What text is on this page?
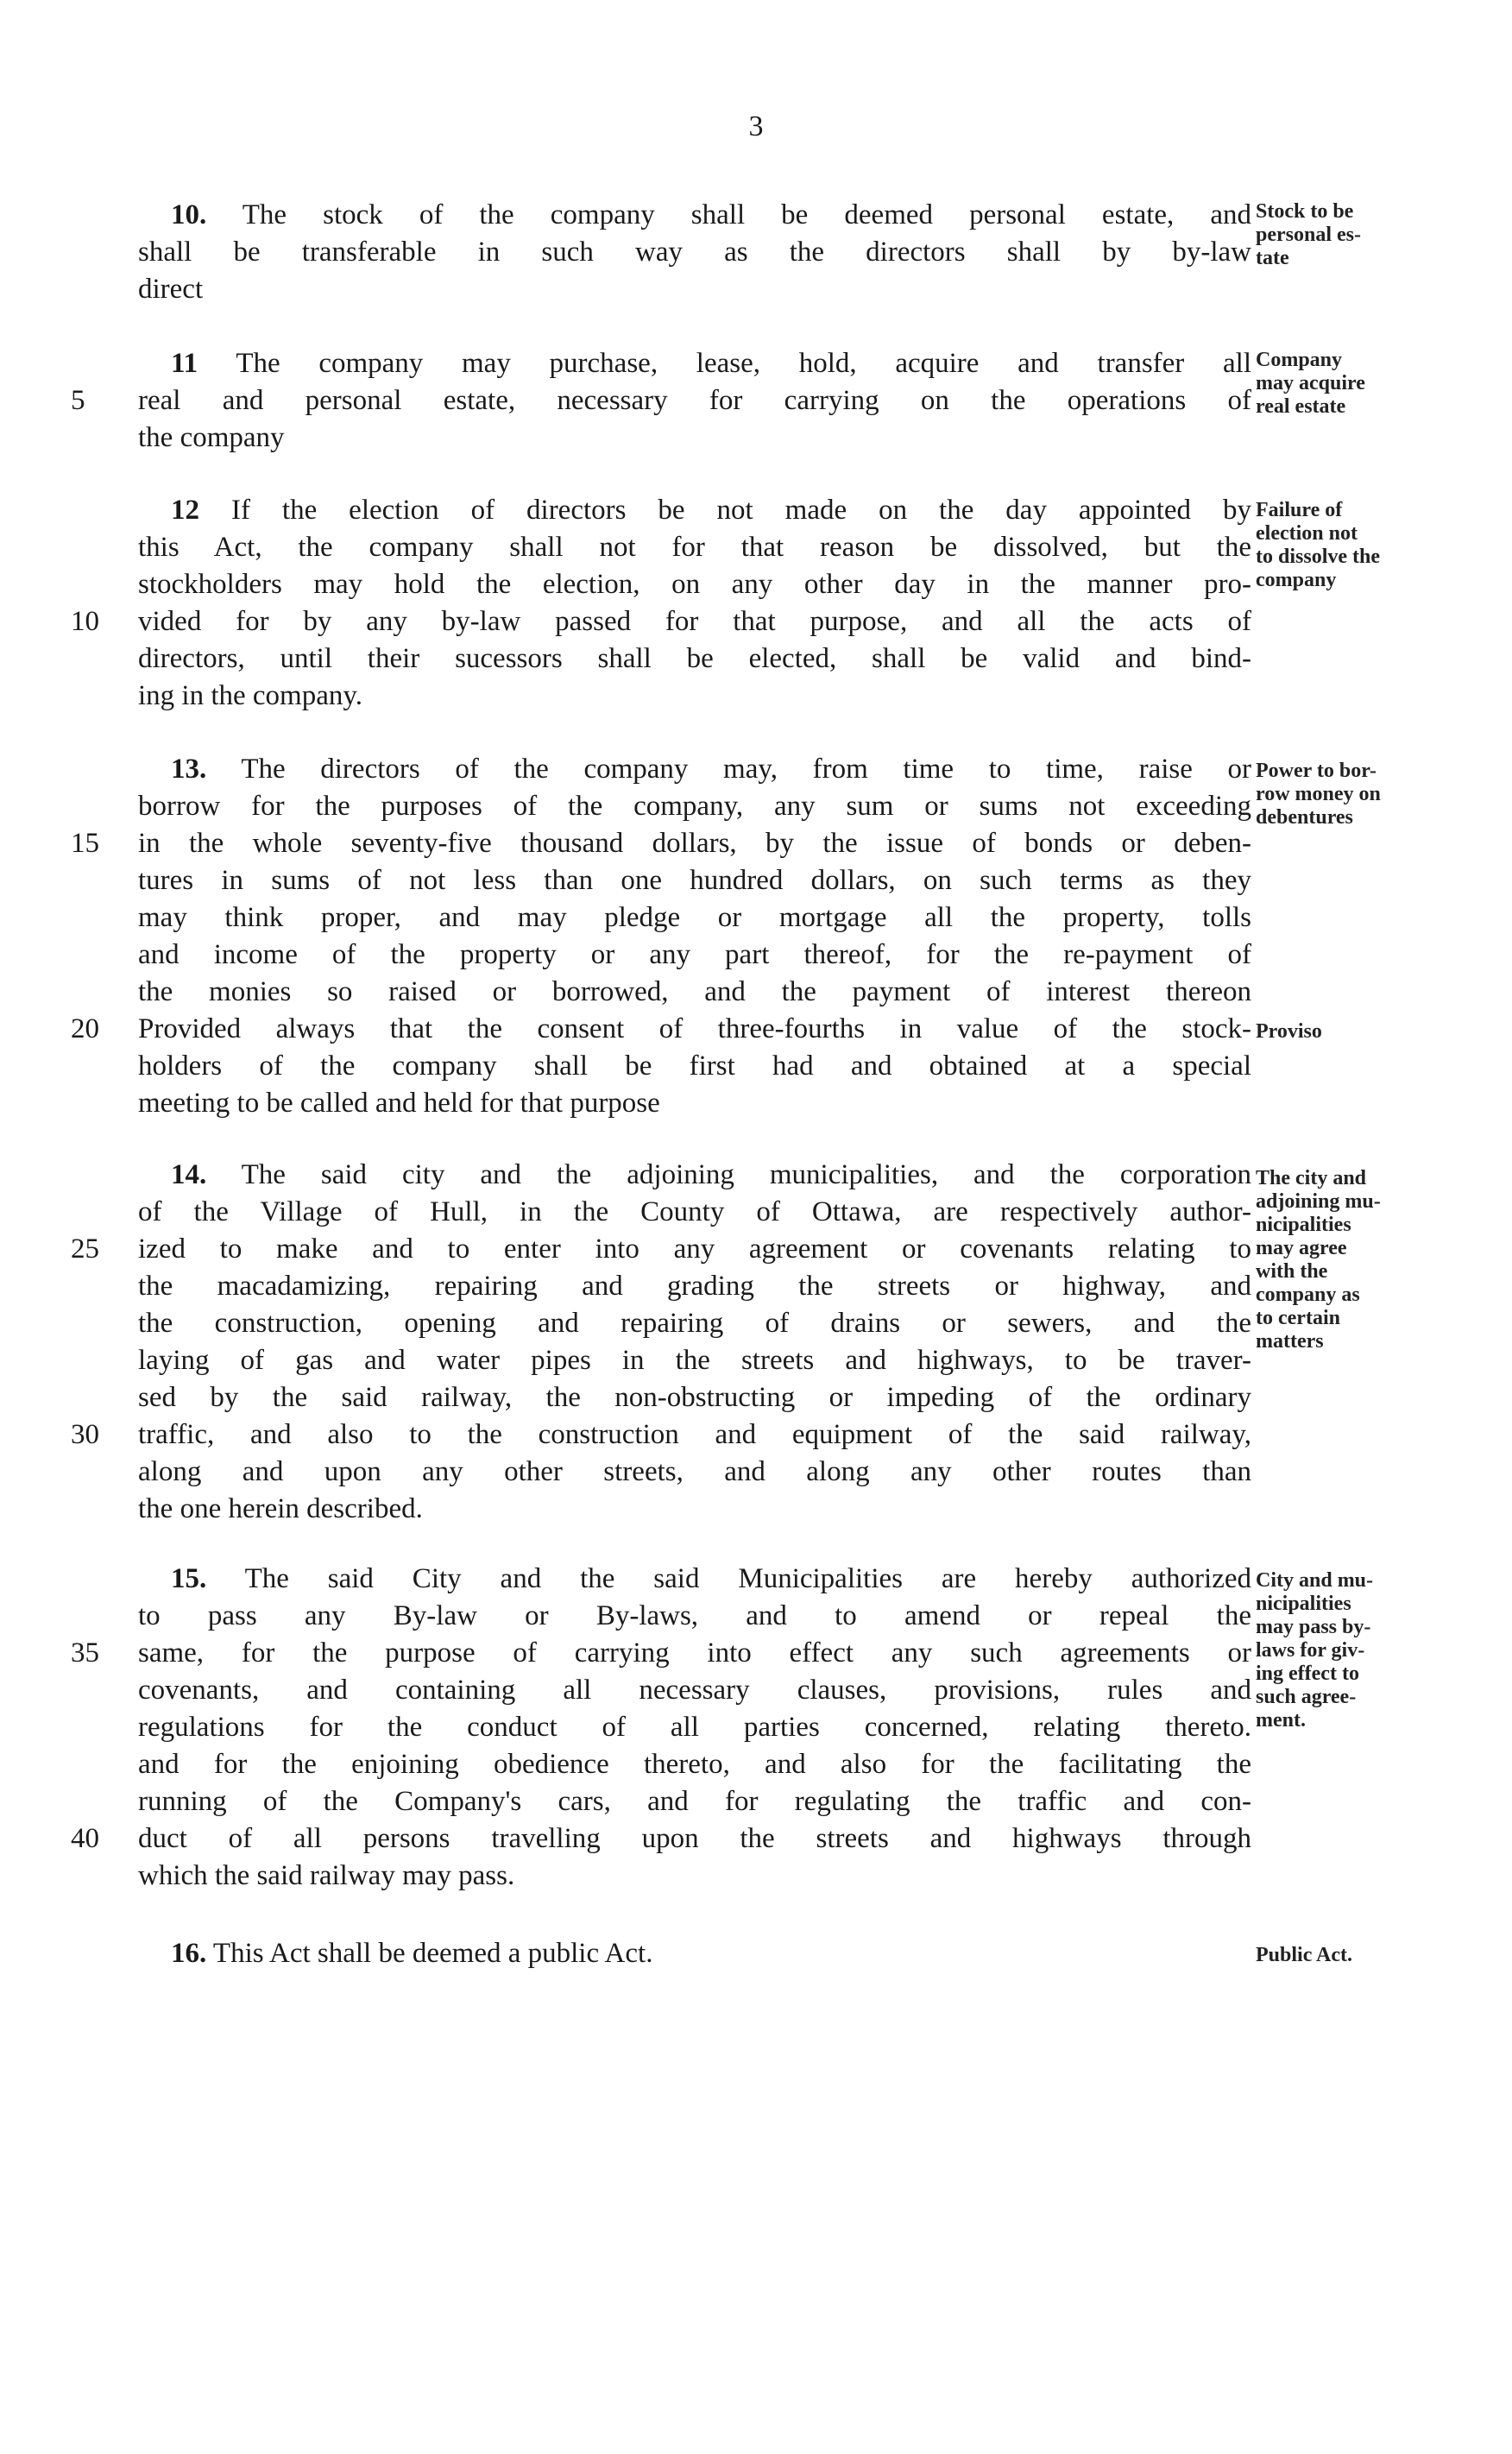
3
10. The stock of the company shall be deemed personal estate, and
shall be transferable in such way as the directors shall by by-law
direct
Stock to be
personal es-
tate
11 The company may purchase, lease, hold, acquire and transfer all
5	real and personal estate, necessary for carrying on the operations of
the company
Company
may acquire
real estate
12 If the election of directors be not made on the day appointed by
this Act, the company shall not for that reason be dissolved, but the
stockholders may hold the election, on any other day in the manner pro-
10	vided for by any by-law passed for that purpose, and all the acts of
directors, until their sucessors shall be elected, shall be valid and bind-
ing in the company.
Failure of
election not
to dissolve the
company
13. The directors of the company may, from time to time, raise or
borrow for the purposes of the company, any sum or sums not exceeding
15	in the whole seventy-five thousand dollars, by the issue of bonds or deben-
tures in sums of not less than one hundred dollars, on such terms as they
may think proper, and may pledge or mortgage all the property, tolls
and income of the property or any part thereof, for the re-payment of
the monies so raised or borrowed, and the payment of interest thereon
20	Provided always that the consent of three-fourths in value of the stock-
holders of the company shall be first had and obtained at a special
meeting to be called and held for that purpose
Power to bor-
row money on
debentures
Proviso
14. The said city and the adjoining municipalities, and the corporation
of the Village of Hull, in the County of Ottawa, are respectively author-
25	ized to make and to enter into any agreement or covenants relating to
the macadamizing, repairing and grading the streets or highway, and
the construction, opening and repairing of drains or sewers, and the
laying of gas and water pipes in the streets and highways, to be traver-
sed by the said railway, the non-obstructing or impeding of the ordinary
30	traffic, and also to the construction and equipment of the said railway,
along and upon any other streets, and along any other routes than
the one herein described.
The city and
adjoining mu-
nicipalities
may agree
with the
company as
to certain
matters
15. The said City and the said Municipalities are hereby authorized
to pass any By-law or By-laws, and to amend or repeal the
35	same, for the purpose of carrying into effect any such agreements or
covenants, and containing all necessary clauses, provisions, rules and
regulations for the conduct of all parties concerned, relating thereto.
and for the enjoining obedience thereto, and also for the facilitating the
running of the Company's cars, and for regulating the traffic and con-
40	duct of all persons travelling upon the streets and highways through
which the said railway may pass.
City and mu-
nicipalities
may pass by-
laws for giv-
ing effect to
such agree-
ment.
16. This Act shall be deemed a public Act.	Public Act.
